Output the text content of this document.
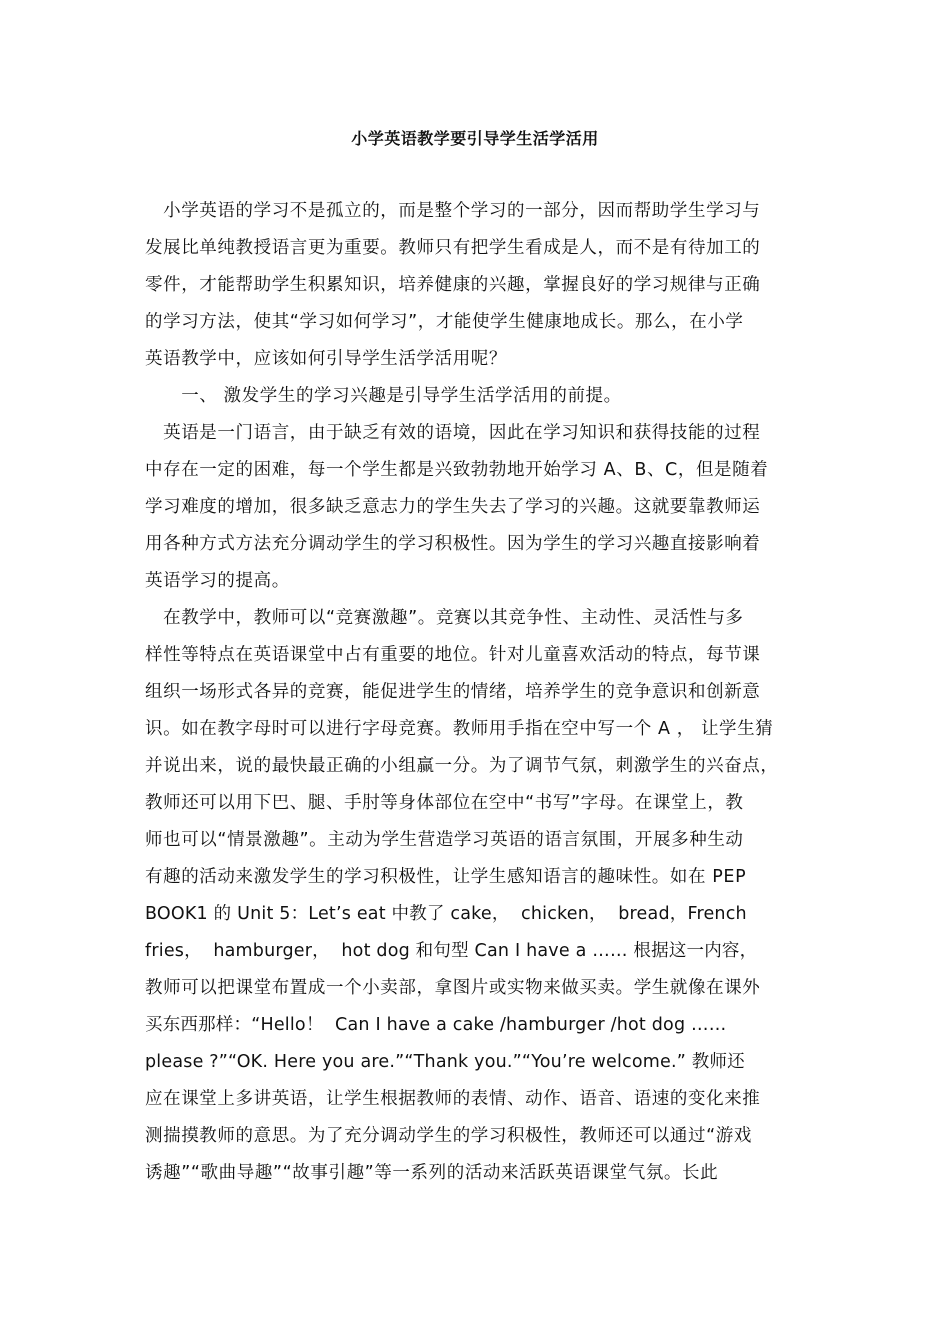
小学英语教学要引导学生活学活用
　小学英语的学习不是孤立的，而是整个学习的一部分，因而帮助学生学习与
发展比单纯教授语言更为重要。教师只有把学生看成是人，而不是有待加工的
零件，才能帮助学生积累知识，培养健康的兴趣，掌握良好的学习规律与正确
的学习方法，使其“学习如何学习”，才能使学生健康地成长。那么，在小学
英语教学中，应该如何引导学生活学活用呢？
　　一、 激发学生的学习兴趣是引导学生活学活用的前提。
　英语是一门语言，由于缺乏有效的语境，因此在学习知识和获得技能的过程
中存在一定的困难，每一个学生都是兴致勃勃地开始学习 A、B、C，但是随着
学习难度的增加，很多缺乏意志力的学生失去了学习的兴趣。这就要靠教师运
用各种方式方法充分调动学生的学习积极性。因为学生的学习兴趣直接影响着
英语学习的提高。
　在教学中，教师可以“竞赛激趣”。竞赛以其竞争性、主动性、灵活性与多
样性等特点在英语课堂中占有重要的地位。针对儿童喜欢活动的特点，每节课
组织一场形式各异的竞赛，能促进学生的情绪，培养学生的竞争意识和创新意
识。如在教字母时可以进行字母竞赛。教师用手指在空中写一个 A ， 让学生猜
并说出来，说的最快最正确的小组赢一分。为了调节气氛，刺激学生的兴奋点，
教师还可以用下巴、腿、手肘等身体部位在空中“书写”字母。在课堂上，教
师也可以“情景激趣”。主动为学生营造学习英语的语言氛围，开展多种生动
有趣的活动来激发学生的学习积极性，让学生感知语言的趣味性。如在 PEP
BOOK1 的 Unit 5：Let’s eat 中教了 cake，  chicken，  bread，French
fries，  hamburger，  hot dog 和句型 Can I have a …… 根据这一内容，
教师可以把课堂布置成一个小卖部，拿图片或实物来做买卖。学生就像在课外
买东西那样：“Hello！  Can I have a cake /hamburger /hot dog ……
please ?”“OK. Here you are.”“Thank you.”“You’re welcome.” 教师还
应在课堂上多讲英语，让学生根据教师的表情、动作、语音、语速的变化来推
测揣摸教师的意思。为了充分调动学生的学习积极性，教师还可以通过“游戏
诱趣”“歌曲导趣”“故事引趣”等一系列的活动来活跃英语课堂气氛。长此
